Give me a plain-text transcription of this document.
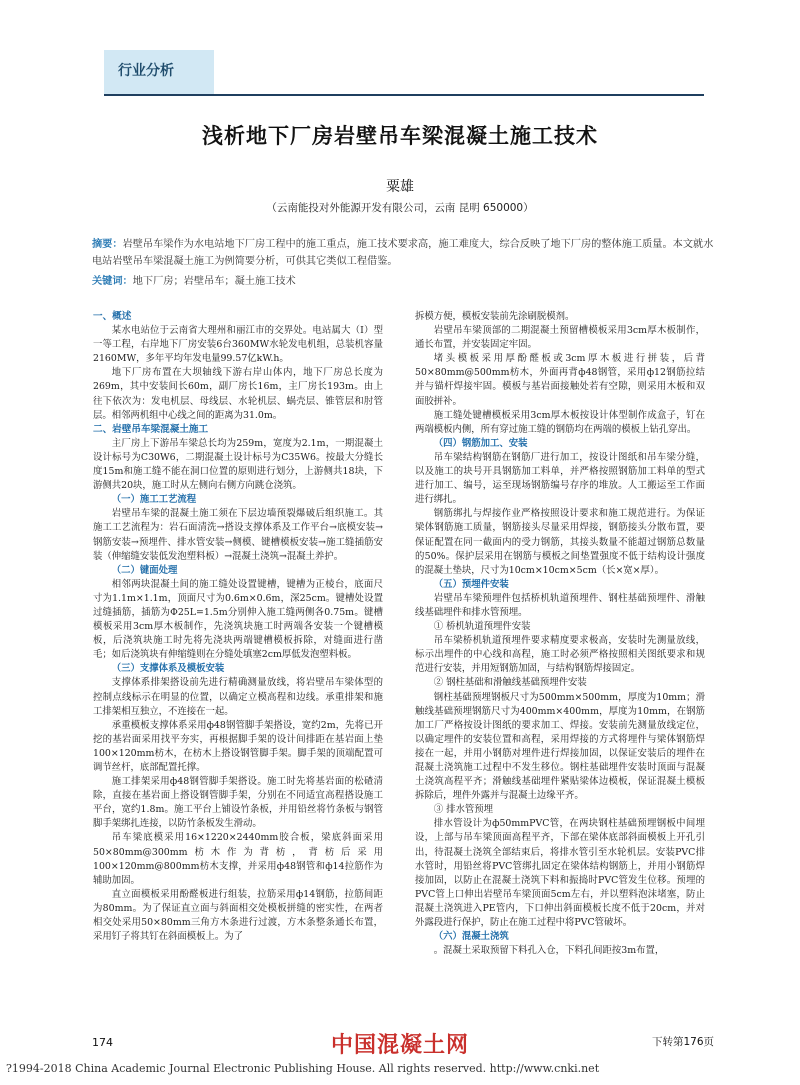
行业分析
浅析地下厂房岩壁吊车梁混凝土施工技术
粟雄
（云南能投对外能源开发有限公司，云南 昆明 650000）
摘要：岩壁吊车梁作为水电站地下厂房工程中的施工重点，施工技术要求高，施工难度大，综合反映了地下厂房的整体施工质量。本文就水电站岩壁吊车梁混凝土施工为例简要分析，可供其它类似工程借鉴。
关键词：地下厂房；岩壁吊车；凝土施工技术

一、概述

某水电站位于云南省大理州和丽江市的交界处。电站属大（Ⅰ）型一等工程，右岸地下厂房安装6台360MW水轮发电机组，总装机容量2160MW，多年平均年发电量99.57亿kW.h。

地下厂房布置在大坝轴线下游右岸山体内，地下厂房总长度为269m，其中安装间长60m，副厂房长16m，主厂房长193m。由上往下依次为：发电机层、母线层、水轮机层、蜗壳层、锥管层和肘管层。相邻两机组中心线之间的距离为31.0m。

二、岩壁吊车梁混凝土施工

主厂房上下游吊车梁总长均为259m，宽度为2.1m，一期混凝土设计标号为C30W6，二期混凝土设计标号为C35W6。按最大分缝长度15m和施工缝不能在洞口位置的原则进行划分，上游侧共18块，下游侧共20块，施工时从左侧向右侧方向跳仓浇筑。

（一）施工工艺流程

岩壁吊车梁的混凝土施工须在下层边墙预裂爆破后组织施工。其施工工艺流程为：岩石面清洗→搭设支撑体系及工作平台→底模安装→钢筋安装→预埋件、排水管安装→侧模、键槽模板安装→施工缝插筋安装（伸缩缝安装低发泡塑料板）→混凝土浇筑→混凝土养护。

（二）键面处理

相邻两块混凝土间的施工缝处设置键槽，键槽为正棱台，底面尺寸为1.1m×1.1m，顶面尺寸为0.6m×0.6m，深25cm。键槽处设置过缝插筋，插筋为Φ25L=1.5m分别伸入施工缝两侧各0.75m。键槽模板采用3cm厚木板制作，先浇筑块施工时两端各安装一个键槽模板，后浇筑块施工时先将先浇块两端键槽模板拆除，对缝面进行凿毛；如后浇筑块有伸缩缝则在分缝处填塞2cm厚低发泡塑料板。

（三）支撑体系及模板安装

支撑体系排架搭设前先进行精确测量放线，将岩壁吊车梁体型的控制点线标示在明显的位置，以确定立模高程和边线。承重排架和施工排架相互独立，不连接在一起。

承重模板支撑体系采用ф48钢管脚手架搭设，宽约2m，先将已开挖的基岩面采用找平夯实，再根据脚手架的设计间排距在基岩面上垫100×120mm枋木，在枋木上搭设钢管脚手架。脚手架的顶端配置可调节丝杆，底部配置托撑。

施工排架采用ф48钢管脚手架搭设。施工时先将基岩面的松碴清除，直接在基岩面上搭设钢管脚手架，分别在不同适宜高程搭设施工平台，宽约1.8m。施工平台上铺设竹条板，并用铅丝将竹条板与钢管脚手架绑扎连接，以防竹条板发生滑动。

吊车梁底模采用16×1220×2440mm胶合板，梁底斜面采用50×80mm@300mm枋木作为背枋，背枋后采用100×120mm@800mm枋木支撑，并采用ф48钢管和ф14拉筋作为辅助加固。

直立面模板采用酚醛板进行组装，拉筋采用ф14钢筋，拉筋间距为80mm。为了保证直立面与斜面相交处模板拼缝的密实性，在两者相交处采用50×80mm三角方木条进行过渡，方木条整条通长布置，采用钉子将其钉在斜面模板上。为了

拆模方便，模板安装前先涂刷脱模剂。

岩壁吊车梁顶部的二期混凝土预留槽模板采用3cm厚木板制作，通长布置，并安装固定牢固。

堵头模板采用厚酚醛板或3cm厚木板进行拼装，后背50×80mm@500mm枋木，外面再背ф48钢管，采用ф12钢筋拉结并与锚杆焊接牢固。模板与基岩面接触处若有空隙，则采用木板和双面胶拼补。

施工缝处键槽模板采用3cm厚木板按设计体型制作成盒子，钉在两端模板内侧，所有穿过施工缝的钢筋均在两端的模板上钻孔穿出。

（四）钢筋加工、安装

吊车梁结构钢筋在钢筋厂进行加工，按设计图纸和吊车梁分缝，以及施工的块号开具钢筋加工料单，并严格按照钢筋加工料单的型式进行加工、编号，运至现场钢筋编号存序的堆放。人工搬运至工作面进行绑扎。

钢筋绑扎与焊接作业严格按照设计要求和施工规范进行。为保证梁体钢筋施工质量，钢筋接头尽量采用焊接，钢筋接头分散布置，要保证配置在同一截面内的受力钢筋，其接头数量不能超过钢筋总数量的50%。保护层采用在钢筋与模板之间垫置强度不低于结构设计强度的混凝土垫块，尺寸为10cm×10cm×5cm（长×宽×厚）。

（五）预埋件安装

岩壁吊车梁预埋件包括桥机轨道预埋件、钢柱基础预埋件、滑触线基础埋件和排水管预埋。

① 桥机轨道预埋件安装

吊车梁桥机轨道预埋件要求精度要求极高，安装时先测量放线，标示出埋件的中心线和高程，施工时必须严格按照相关图纸要求和规范进行安装，并用短钢筋加固，与结构钢筋焊接固定。

② 钢柱基础和滑触线基础预埋件安装

钢柱基础预埋钢板尺寸为500mm×500mm，厚度为10mm；滑触线基础预埋钢筋尺寸为400mm×400mm，厚度为10mm，在钢筋加工厂严格按设计图纸的要求加工、焊接。安装前先测量放线定位，以确定埋件的安装位置和高程，采用焊接的方式将埋件与梁体钢筋焊接在一起，并用小钢筋对埋件进行焊接加固，以保证安装后的埋件在混凝土浇筑施工过程中不发生移位。钢柱基础埋件安装时顶面与混凝土浇筑高程平齐；滑触线基础埋件紧贴梁体边模板，保证混凝土模板拆除后，埋件外露并与混凝土边缘平齐。

③ 排水管预埋

排水管设计为ф50mmPVC管，在两块钢柱基础预埋钢板中间埋设，上部与吊车梁顶面高程平齐，下部在梁体底部斜面模板上开孔引出，待混凝土浇筑全部结束后，将排水管引至水轮机层。安装PVC排水管时，用铅丝将PVC管绑扎固定在梁体结构钢筋上，并用小钢筋焊接加固，以防止在混凝土浇筑下料和振捣时PVC管发生位移。预埋的PVC管上口伸出岩壁吊车梁顶面5cm左右，并以塑料泡沫堵塞，防止混凝土浇筑进入PE管内，下口伸出斜面模板长度不低于20cm，并对外露段进行保护，防止在施工过程中将PVC管破坏。

（六）混凝土浇筑

。混凝土采取预留下料孔入仓，下料孔间距按3m布置，

174	下转第176页
中国混凝土网
?1994-2018 China Academic Journal Electronic Publishing House. All rights reserved. http://www.cnki.net
